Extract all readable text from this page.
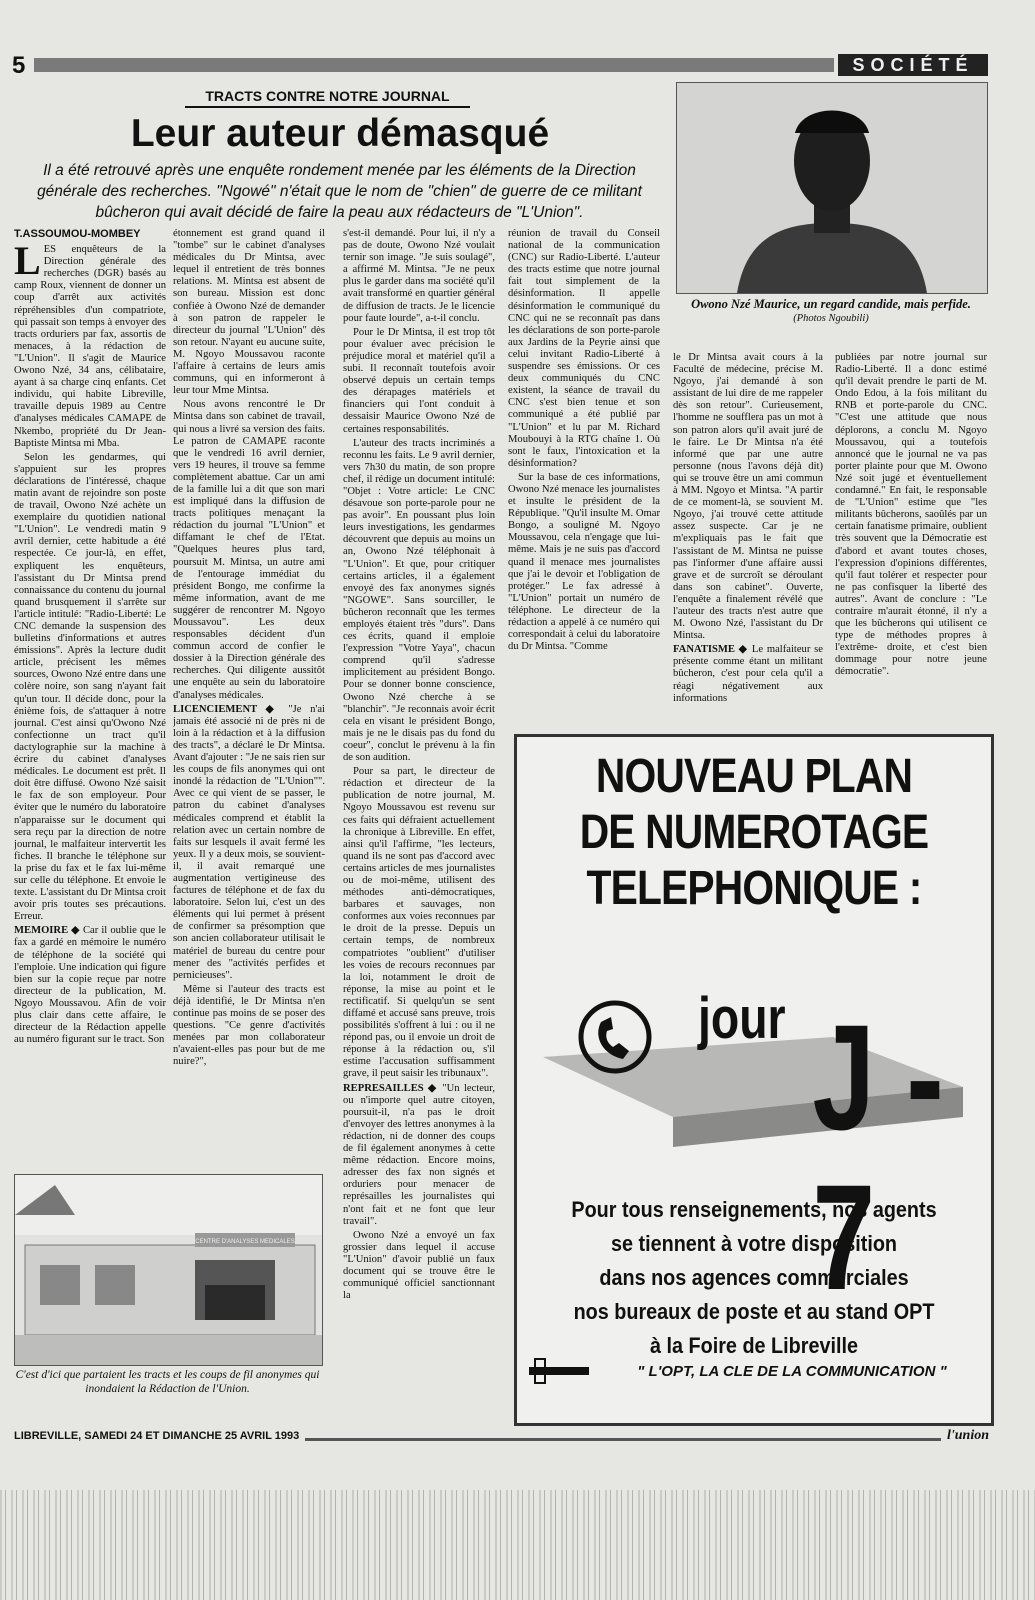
5	SOCIÉTÉ
TRACTS CONTRE NOTRE JOURNAL
Leur auteur démasqué
Il a été retrouvé après une enquête rondement menée par les éléments de la Direction générale des recherches. "Ngowé" n'était que le nom de "chien" de guerre de ce militant bûcheron qui avait décidé de faire la peau aux rédacteurs de "L'Union".
Owono Nzé Maurice, un regard candide, mais perfide.
(Photos Ngoubili)
T.ASSOUMOU-MOMBEY

LES enquêteurs de la Direction générale des recherches (DGR) basés au camp Roux, viennent de donner un coup d'arrêt aux activités répréhensibles d'un compatriote, qui passait son temps à envoyer des tracts orduriers par fax, assortis de menaces, à la rédaction de "L'Union". Il s'agit de Maurice Owono Nzé, 34 ans, célibataire, ayant à sa charge cinq enfants. Cet individu, qui habite Libreville, travaille depuis 1989 au Centre d'analyses médicales CAMAPE de Nkembo, propriété du Dr Jean-Baptiste Mintsa mi Mba.

Selon les gendarmes, qui s'appuient sur les propres déclarations de l'intéressé, chaque matin avant de rejoindre son poste de travail, Owono Nzé achète un exemplaire du quotidien national "L'Union". Le vendredi matin 9 avril dernier, cette habitude a été respectée. Ce jour-là, en effet, expliquent les enquêteurs, l'assistant du Dr Mintsa prend connaissance du contenu du journal quand brusquement il s'arrête sur l'article intitulé: "Radio-Liberté: Le CNC demande la suspension des bulletins d'informations et autres émissions". Après la lecture dudit article, précisent les mêmes sources, Owono Nzé entre dans une colère noire, son sang n'ayant fait qu'un tour. Il décide donc, pour la énième fois, de s'attaquer à notre journal. C'est ainsi qu'Owono Nzé confectionne un tract qu'il dactylographie sur la machine à écrire du cabinet d'analyses médicales. Le document est prêt. Il doit être diffusé. Owono Nzé saisit le fax de son employeur. Pour éviter que le numéro du laboratoire n'apparaisse sur le document qui sera reçu par la direction de notre journal, le malfaiteur intervertit les fiches. Il branche le téléphone sur la prise du fax et le fax lui-même sur celle du téléphone. Et envoie le texte. L'assistant du Dr Mintsa croit avoir pris toutes ses précautions. Erreur.

MEMOIRE ◆ Car il oublie que le fax a gardé en mémoire le numéro de téléphone de la société qui l'emploie. Une indication qui figure bien sur la copie reçue par notre directeur de la publication, M. Ngoyo Moussavou. Afin de voir plus clair dans cette affaire, le directeur de la Rédaction appelle au numéro figurant sur le tract. Son

étonnement est grand quand il "tombe" sur le cabinet d'analyses médicales du Dr Mintsa, avec lequel il entretient de très bonnes relations. M. Mintsa est absent de son bureau. Mission est donc confiée à Owono Nzé de demander à son patron de rappeler le directeur du journal "L'Union" dès son retour. N'ayant eu aucune suite, M. Ngoyo Moussavou raconte l'affaire à certains de leurs amis communs, qui en informeront à leur tour Mme Mintsa.

Nous avons rencontré le Dr Mintsa dans son cabinet de travail, qui nous a livré sa version des faits. Le patron de CAMAPE raconte que le vendredi 16 avril dernier, vers 19 heures, il trouve sa femme complètement abattue. Car un ami de la famille lui a dit que son mari est impliqué dans la diffusion de tracts politiques menaçant la rédaction du journal "L'Union" et diffamant le chef de l'Etat. "Quelques heures plus tard, poursuit M. Mintsa, un autre ami de l'entourage immédiat du président Bongo, me confirme la même information, avant de me suggérer de rencontrer M. Ngoyo Moussavou". Les deux responsables décident d'un commun accord de confier le dossier à la Direction générale des recherches. Qui diligente aussitôt une enquête au sein du laboratoire d'analyses médicales.

LICENCIEMENT ◆ "Je n'ai jamais été associé ni de près ni de loin à la rédaction et à la diffusion des tracts", a déclaré le Dr Mintsa. Avant d'ajouter : "Je ne sais rien sur les coups de fils anonymes qui ont inondé la rédaction de "L'Union"". Avec ce qui vient de se passer, le patron du cabinet d'analyses médicales comprend et établit la relation avec un certain nombre de faits sur lesquels il avait fermé les yeux. Il y a deux mois, se souvient-il, il avait remarqué une augmentation vertigineuse des factures de téléphone et de fax du laboratoire. Selon lui, c'est un des éléments qui lui permet à présent de confirmer sa présomption que son ancien collaborateur utilisait le matériel de bureau du centre pour mener des "activités perfides et pernicieuses".

Même si l'auteur des tracts est déjà identifié, le Dr Mintsa n'en continue pas moins de se poser des questions. "Ce genre d'activités menées par mon collaborateur n'avaient-elles pas pour but de me nuire?",

s'est-il demandé. Pour lui, il n'y a pas de doute, Owono Nzé voulait ternir son image. "Je suis soulagé", a affirmé M. Mintsa. "Je ne peux plus le garder dans ma société qu'il avait transformé en quartier général de diffusion de tracts. Je le licencie pour faute lourde", a-t-il conclu.

Pour le Dr Mintsa, il est trop tôt pour évaluer avec précision le préjudice moral et matériel qu'il a subi. Il reconnaît toutefois avoir observé depuis un certain temps des dérapages matériels et financiers qui l'ont conduit à dessaisir Maurice Owono Nzé de certaines responsabilités.

L'auteur des tracts incriminés a reconnu les faits. Le 9 avril dernier, vers 7h30 du matin, de son propre chef, il rédige un document intitulé: "Objet : Votre article: Le CNC désavoue son porte-parole pour ne pas avoir". En poussant plus loin leurs investigations, les gendarmes découvrent que depuis au moins un an, Owono Nzé téléphonait à "L'Union". Et que, pour critiquer certains articles, il a également envoyé des fax anonymes signés "NGOWE". Sans sourciller, le bûcheron reconnaît que les termes employés étaient très "durs". Dans ces écrits, quand il emploie l'expression "Votre Yaya", chacun comprend qu'il s'adresse implicitement au président Bongo. Pour se donner bonne conscience, Owono Nzé cherche à se "blanchir". "Je reconnais avoir écrit cela en visant le président Bongo, mais je ne le disais pas du fond du coeur", conclut le prévenu à la fin de son audition.

Pour sa part, le directeur de rédaction et directeur de la publication de notre journal, M. Ngoyo Moussavou est revenu sur ces faits qui défraient actuellement la chronique à Libreville. En effet, ainsi qu'il l'affirme, "les lecteurs, quand ils ne sont pas d'accord avec certains articles de mes journalistes ou de moi-même, utilisent des méthodes anti-démocratiques, barbares et sauvages, non conformes aux voies reconnues par le droit de la presse. Depuis un certain temps, de nombreux compatriotes "oublient" d'utiliser les voies de recours reconnues par la loi, notamment le droit de réponse, la mise au point et le rectificatif. Si quelqu'un se sent diffamé et accusé sans preuve, trois possibilités s'offrent à lui : ou il ne répond pas, ou il envoie un droit de réponse à la rédaction ou, s'il estime l'accusation suffisamment grave, il peut saisir les tribunaux".

REPRESAILLES ◆ "Un lecteur, ou n'importe quel autre citoyen, poursuit-il, n'a pas le droit d'envoyer des lettres anonymes à la rédaction, ni de donner des coups de fil également anonymes à cette même rédaction. Encore moins, adresser des fax non signés et orduriers pour menacer de représailles les journalistes qui n'ont fait et ne font que leur travail".

Owono Nzé a envoyé un fax grossier dans lequel il accuse "L'Union" d'avoir publié un faux document qui se trouve être le communiqué officiel sanctionnant la

réunion de travail du Conseil national de la communication (CNC) sur Radio-Liberté. L'auteur des tracts estime que notre journal fait tout simplement de la désinformation. Il appelle désinformation le communiqué du CNC qui ne se reconnaît pas dans les déclarations de son porte-parole aux Jardins de la Peyrie ainsi que celui invitant Radio-Liberté à suspendre ses émissions. Or ces deux communiqués du CNC existent, la séance de travail du CNC s'est bien tenue et son communiqué a été publié par "L'Union" et lu par M. Richard Moubouyi à la RTG chaîne 1. Où sont le faux, l'intoxication et la désinformation?

Sur la base de ces informations, Owono Nzé menace les journalistes et insulte le président de la République. "Qu'il insulte M. Omar Bongo, a souligné M. Ngoyo Moussavou, cela n'engage que lui-même. Mais je ne suis pas d'accord quand il menace mes journalistes que j'ai le devoir et l'obligation de protéger." Le fax adressé à "L'Union" portait un numéro de téléphone. Le directeur de la rédaction a appelé à ce numéro qui correspondait à celui du laboratoire du Dr Mintsa. "Comme

le Dr Mintsa avait cours à la Faculté de médecine, précise M. Ngoyo, j'ai demandé à son assistant de lui dire de me rappeler dès son retour". Curieusement, l'homme ne soufflera pas un mot à son patron alors qu'il avait juré de le faire. Le Dr Mintsa n'a été informé que par une autre personne (nous l'avons déjà dit) qui se trouve être un ami commun à MM. Ngoyo et Mintsa. "A partir de ce moment-là, se souvient M. Ngoyo, j'ai trouvé cette attitude assez suspecte. Car je ne m'expliquais pas le fait que l'assistant de M. Mintsa ne puisse pas l'informer d'une affaire aussi grave et de surcroît se déroulant dans son cabinet". Ouverte, l'enquête a finalement révélé que l'auteur des tracts n'est autre que M. Owono Nzé, l'assistant du Dr Mintsa.

FANATISME ◆ Le malfaiteur se présente comme étant un militant bûcheron, c'est pour cela qu'il a réagi négativement aux informations

publiées par notre journal sur Radio-Liberté. Il a donc estimé qu'il devait prendre le parti de M. Ondo Edou, à la fois militant du RNB et porte-parole du CNC. "C'est une attitude que nous déplorons, a conclu M. Ngoyo Moussavou, qui a toutefois annoncé que le journal ne va pas porter plainte pour que M. Owono Nzé soit jugé et éventuellement condamné." En fait, le responsable de "L'Union" estime que "les militants bûcherons, saoûlés par un certain fanatisme primaire, oublient très souvent que la Démocratie est d'abord et avant toutes choses, l'expression d'opinions différentes, qu'il faut tolérer et respecter pour ne pas confisquer la liberté des autres". Avant de conclure : "Le contraire m'aurait étonné, il n'y a que les bûcherons qui utilisent ce type de méthodes propres à l'extrême- droite, et c'est bien dommage pour notre jeune démocratie".

CENTRE D'ANALYSES MEDICALES
C'est d'ici que partaient les tracts et les coups de fil anonymes qui inondaient la Rédaction de l'Union.
NOUVEAU PLAN
DE NUMEROTAGE
TELEPHONIQUE :
jour J - 7
Pour tous renseignements, nos agents
se tiennent à votre disposition
dans nos agences commerciales
nos bureaux de poste et au stand OPT
à la Foire de Libreville
" L'OPT, LA CLE DE LA COMMUNICATION "
LIBREVILLE, SAMEDI 24 ET DIMANCHE 25 AVRIL 1993	l'union
